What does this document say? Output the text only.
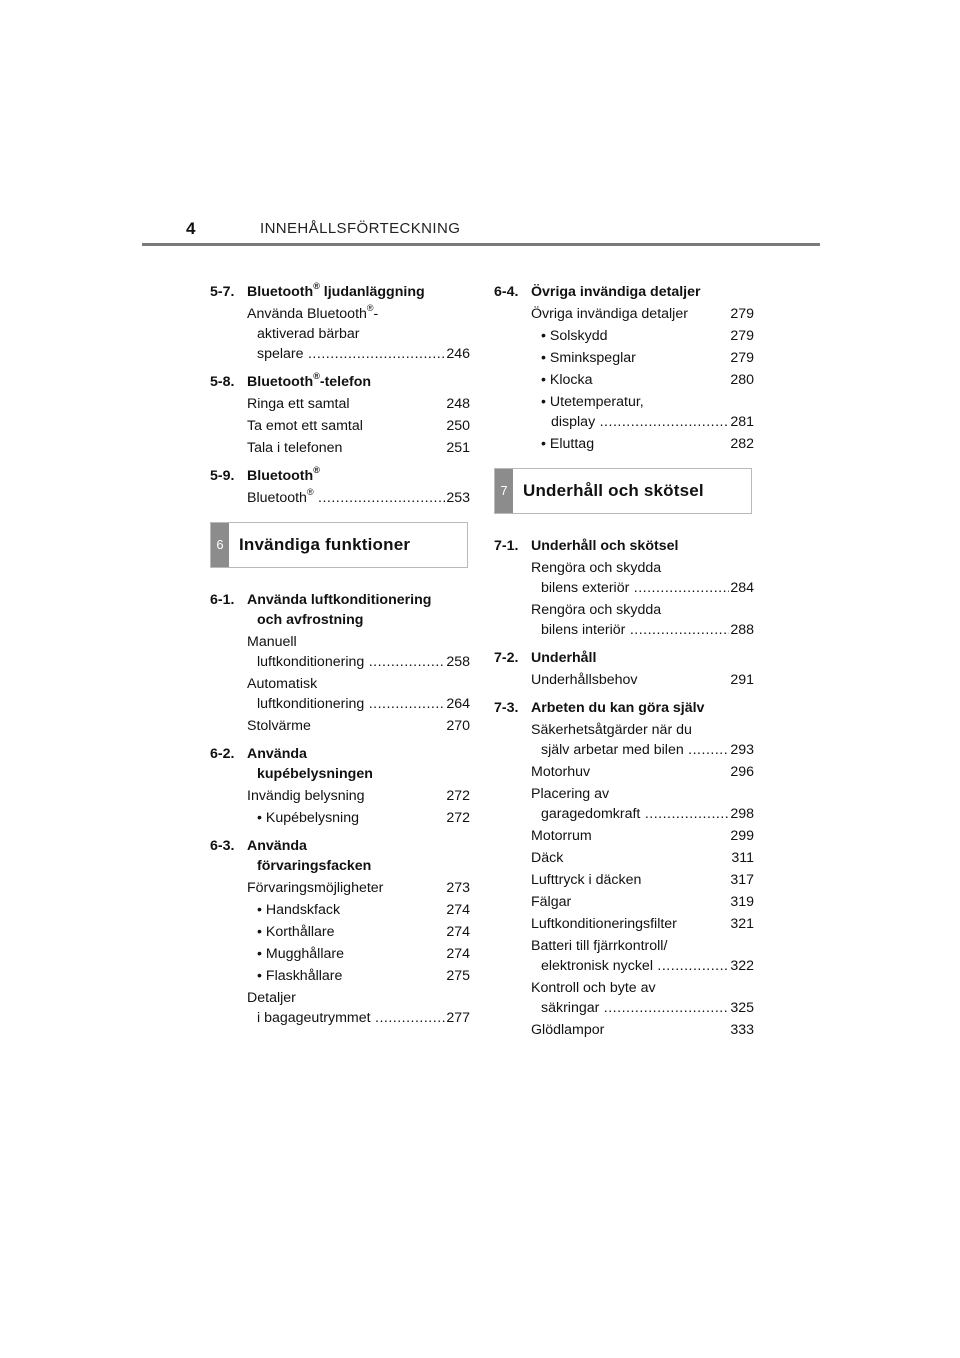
4	INNEHÅLLSFÖRTECKNING
5-7. Bluetooth® ljudanläggning
Använda Bluetooth®-
aktiverad bärbar
spelare .....	246
5-8. Bluetooth®-telefon
Ringa ett samtal	248
Ta emot ett samtal	250
Tala i telefonen	251
5-9. Bluetooth®
Bluetooth® .....	253
6 Invändiga funktioner
6-1. Använda luftkonditionering
och avfrostning
Manuell
luftkonditionering .....	258
Automatisk
luftkonditionering .....	264
Stolvärme	270
6-2. Använda
kupébelysningen
Invändig belysning	272
• Kupébelysning	272
6-3. Använda
förvaringsfacken
Förvaringsmöjligheter	273
• Handskfack	274
• Korthållare	274
• Mugghållare	274
• Flaskhållare	275
Detaljer
i bagageutrymmet .....	277
6-4. Övriga invändiga detaljer
Övriga invändiga detaljer	279
• Solskydd	279
• Sminkspeglar	279
• Klocka	280
• Utetemperatur,
display .....	281
• Eluttag	282
7 Underhåll och skötsel
7-1. Underhåll och skötsel
Rengöra och skydda
bilens exteriör .....	284
Rengöra och skydda
bilens interiör .....	288
7-2. Underhåll
Underhållsbehov	291
7-3. Arbeten du kan göra själv
Säkerhetsåtgärder när du
själv arbetar med bilen .....	293
Motorhuv	296
Placering av
garagedomkraft .....	298
Motorrum	299
Däck	311
Lufttryck i däcken	317
Fälgar	319
Luftkonditioneringsfilter	321
Batteri till fjärrkontroll/
elektronisk nyckel .....	322
Kontroll och byte av
säkringar .....	325
Glödlampor	333
